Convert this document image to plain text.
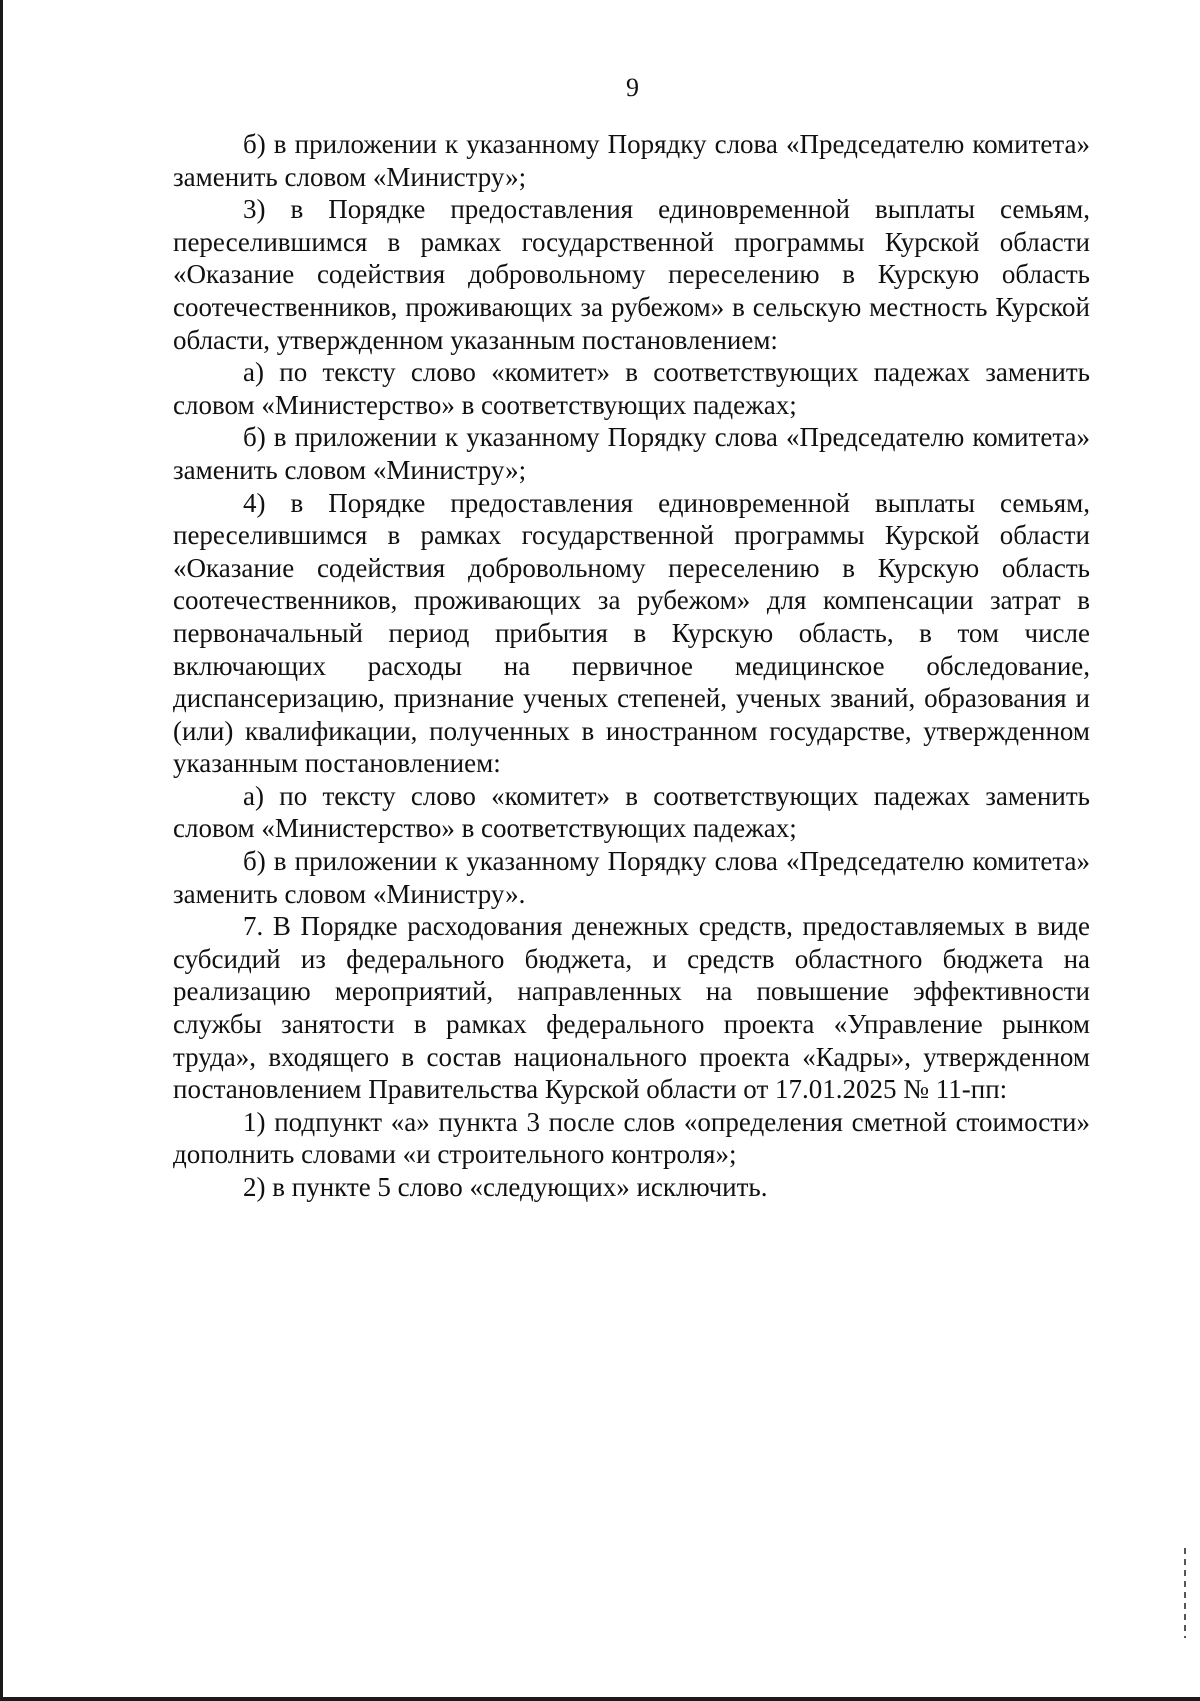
9

б) в приложении к указанному Порядку слова «Председателю комитета» заменить словом «Министру»;

3) в Порядке предоставления единовременной выплаты семьям, переселившимся в рамках государственной программы Курской области «Оказание содействия добровольному переселению в Курскую область соотечественников, проживающих за рубежом» в сельскую местность Курской области, утвержденном указанным постановлением:

а) по тексту слово «комитет» в соответствующих падежах заменить словом «Министерство» в соответствующих падежах;

б) в приложении к указанному Порядку слова «Председателю комитета» заменить словом «Министру»;

4) в Порядке предоставления единовременной выплаты семьям, переселившимся в рамках государственной программы Курской области «Оказание содействия добровольному переселению в Курскую область соотечественников, проживающих за рубежом» для компенсации затрат в первоначальный период прибытия в Курскую область, в том числе включающих расходы на первичное медицинское обследование, диспансеризацию, признание ученых степеней, ученых званий, образования и (или) квалификации, полученных в иностранном государстве, утвержденном указанным постановлением:

а) по тексту слово «комитет» в соответствующих падежах заменить словом «Министерство» в соответствующих падежах;

б) в приложении к указанному Порядку слова «Председателю комитета» заменить словом «Министру».

7. В Порядке расходования денежных средств, предоставляемых в виде субсидий из федерального бюджета, и средств областного бюджета на реализацию мероприятий, направленных на повышение эффективности службы занятости в рамках федерального проекта «Управление рынком труда», входящего в состав национального проекта «Кадры», утвержденном постановлением Правительства Курской области от 17.01.2025 № 11-пп:

1) подпункт «а» пункта 3 после слов «определения сметной стоимости» дополнить словами «и строительного контроля»;

2) в пункте 5 слово «следующих» исключить.
